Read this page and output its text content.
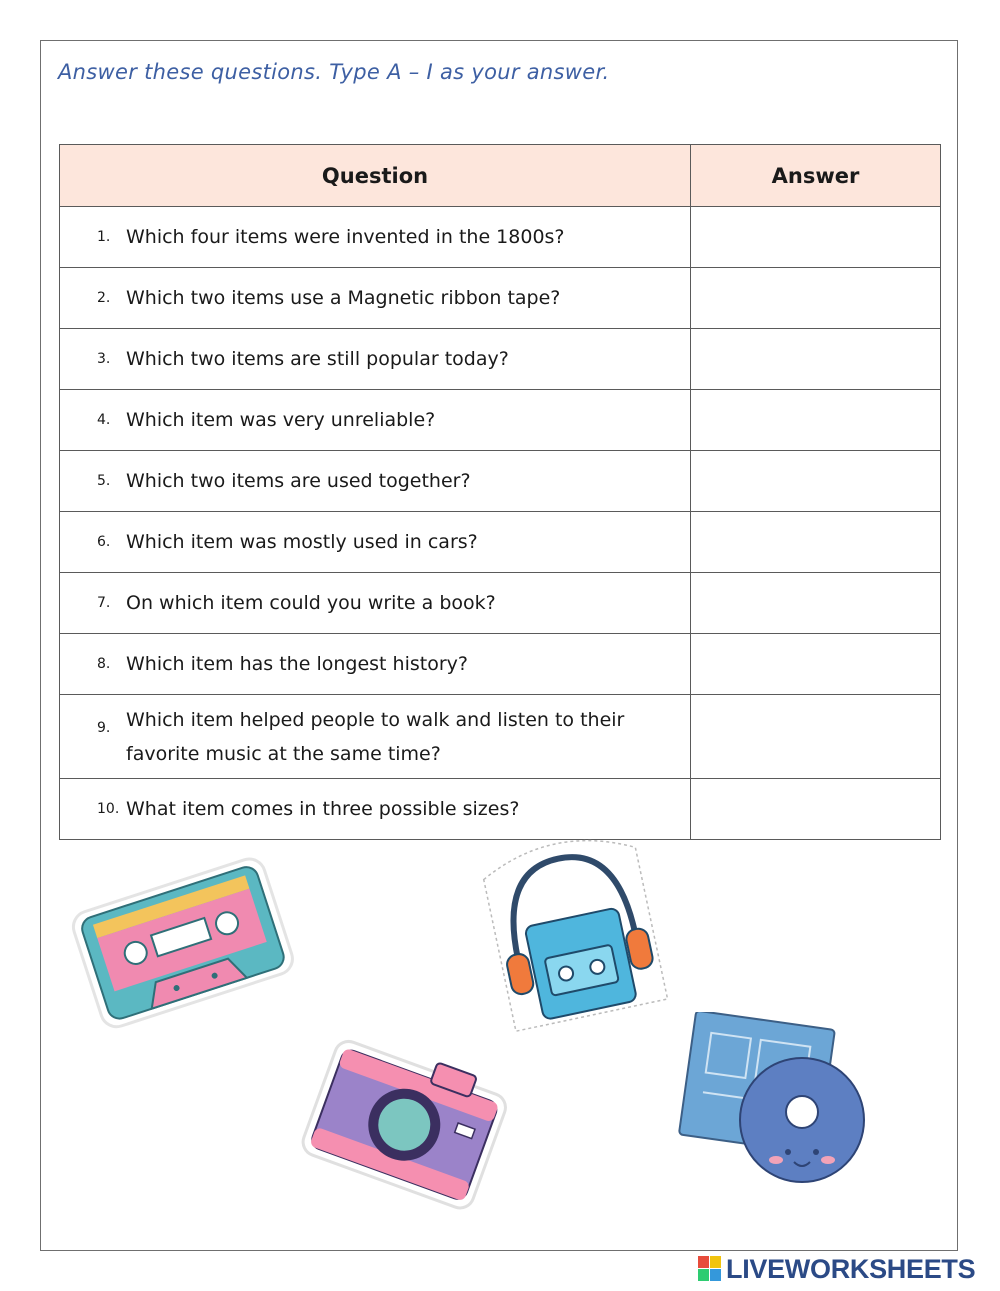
Answer these questions. Type A – I as your answer.
Question	Answer

1. Which four items were invented in the 1800s?	

2. Which two items use a Magnetic ribbon tape?	

3. Which two items are still popular today?	

4. Which item was very unreliable?	

5. Which two items are used together?	

6. Which item was mostly used in cars?	

7. On which item could you write a book?	

8. Which item has the longest history?	

9. Which item helped people to walk and listen to their favorite music at the same time?	

10. What item comes in three possible sizes?	
LIVEWORKSHEETS
